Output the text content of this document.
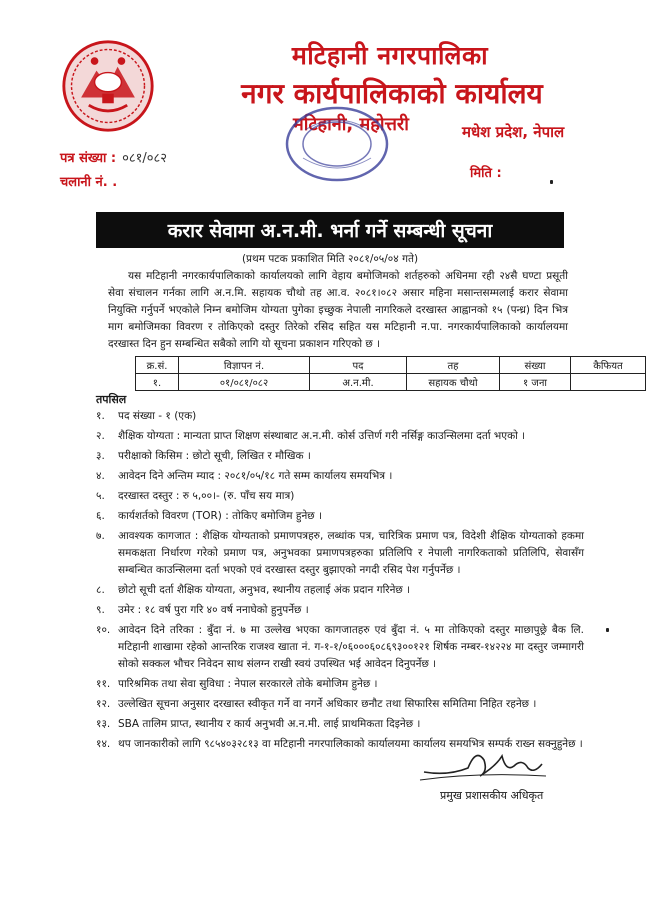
मटिहानी नगरपालिका
नगर कार्यपालिकाको कार्यालय
मटिहानी, महोत्तरी	मधेश प्रदेश, नेपाल
पत्र संख्या : ०८१/०८२
चलानी नं. .
मिति :
करार सेवामा अ.न.मी. भर्ना गर्ने सम्बन्धी सूचना
(प्रथम पटक प्रकाशित मिति २०८१/०५/०४ गते)
यस मटिहानी नगरकार्यपालिकाको कार्यालयको लागि वेहाय बमोजिमको शर्तहरुको अधिनमा रही २४सै घण्टा प्रसूती सेवा संचालन गर्नका लागि अ.न.मि. सहायक चौथो तह आ.व. २०८१।०८२ असार महिना मसान्तसम्मलाई करार सेवामा नियुक्ति गर्नुपर्ने भएकोले निम्न बमोजिम योग्यता पुगेका इच्छुक नेपाली नागरिकले दरखास्त आह्वानको १५ (पन्ध्र) दिन भित्र माग बमोजिमका विवरण र तोकिएको दस्तुर तिरेको रसिद सहित यस मटिहानी न.पा. नगरकार्यपालिकाको कार्यालयमा दरखास्त दिन हुन सम्बन्धित सबैको लागि यो सूचना प्रकाशन गरिएको छ ।
क्र.सं.	विज्ञापन नं.	पद	तह	संख्या	कैफियत
१.	०१/०८१/०८२	अ.न.मी.	सहायक चौथो	१ जना	
तपसिल
१.	पद संख्या - १ (एक)
२.	शैक्षिक योग्यता : मान्यता प्राप्त शिक्षण संस्थाबाट अ.न.मी. कोर्स उत्तिर्ण गरी नर्सिङ्ग काउन्सिलमा दर्ता भएको ।
३.	परीक्षाको किसिम : छोटो सूची, लिखित र मौखिक ।
४.	आवेदन दिने अन्तिम म्याद : २०८१/०५/१८ गते सम्म कार्यालय समयभित्र ।
५.	दरखास्त दस्तुर : रु ५,००।- (रु. पाँच सय मात्र)
६.	कार्यशर्तको विवरण (TOR) : तोकिए बमोजिम हुनेछ ।
७.	आवश्यक कागजात : शैक्षिक योग्यताको प्रमाणपत्रहरु, लब्धांक पत्र, चारित्रिक प्रमाण पत्र, विदेशी शैक्षिक योग्यताको हकमा समकक्षता निर्धारण गरेको प्रमाण पत्र, अनुभवका प्रमाणपत्रहरुका प्रतिलिपि र नेपाली नागरिकताको प्रतिलिपि, सेवासँग सम्बन्धित काउन्सिलमा दर्ता भएको एवं दरखास्त दस्तुर बुझाएको नगदी रसिद पेश गर्नुपर्नेछ ।
८.	छोटो सूची दर्ता शैक्षिक योग्यता, अनुभव, स्थानीय तहलाई अंक प्रदान गरिनेछ ।
९.	उमेर : १८ वर्ष पुरा गरि ४० वर्ष ननाघेको हुनुपर्नेछ ।
१०. आवेदन दिने तरिका : बुँदा नं. ७ मा उल्लेख भएका कागजातहरु एवं बुँदा नं. ५ मा तोकिएको दस्तुर माछापुछ्रे बैक लि. मटिहानी शाखामा रहेको आन्तरिक राजश्व खाता नं. ग-१-१/०६०००६०८६९३००१२१ शिर्षक नम्बर-१४२२४ मा दस्तुर जम्मागरी सोको सक्कल भौचर निवेदन साथ संलग्न राखी स्वयं उपस्थित भई आवेदन दिनुपर्नेछ ।
११. पारिश्रमिक तथा सेवा सुविधा : नेपाल सरकारले तोके बमोजिम हुनेछ ।
१२. उल्लेखित सूचना अनुसार दरखास्त स्वीकृत गर्ने वा नगर्ने अधिकार छनौट तथा सिफारिस समितिमा निहित रहनेछ ।
१३. SBA तालिम प्राप्त, स्थानीय र कार्य अनुभवी अ.न.मी. लाई प्राथमिकता दिइनेछ ।
१४. थप जानकारीको लागि ९८५४०३२८१३ वा मटिहानी नगरपालिकाको कार्यालयमा कार्यालय समयभित्र सम्पर्क राख्न सक्नुहुनेछ ।
प्रमुख प्रशासकीय अधिकृत
